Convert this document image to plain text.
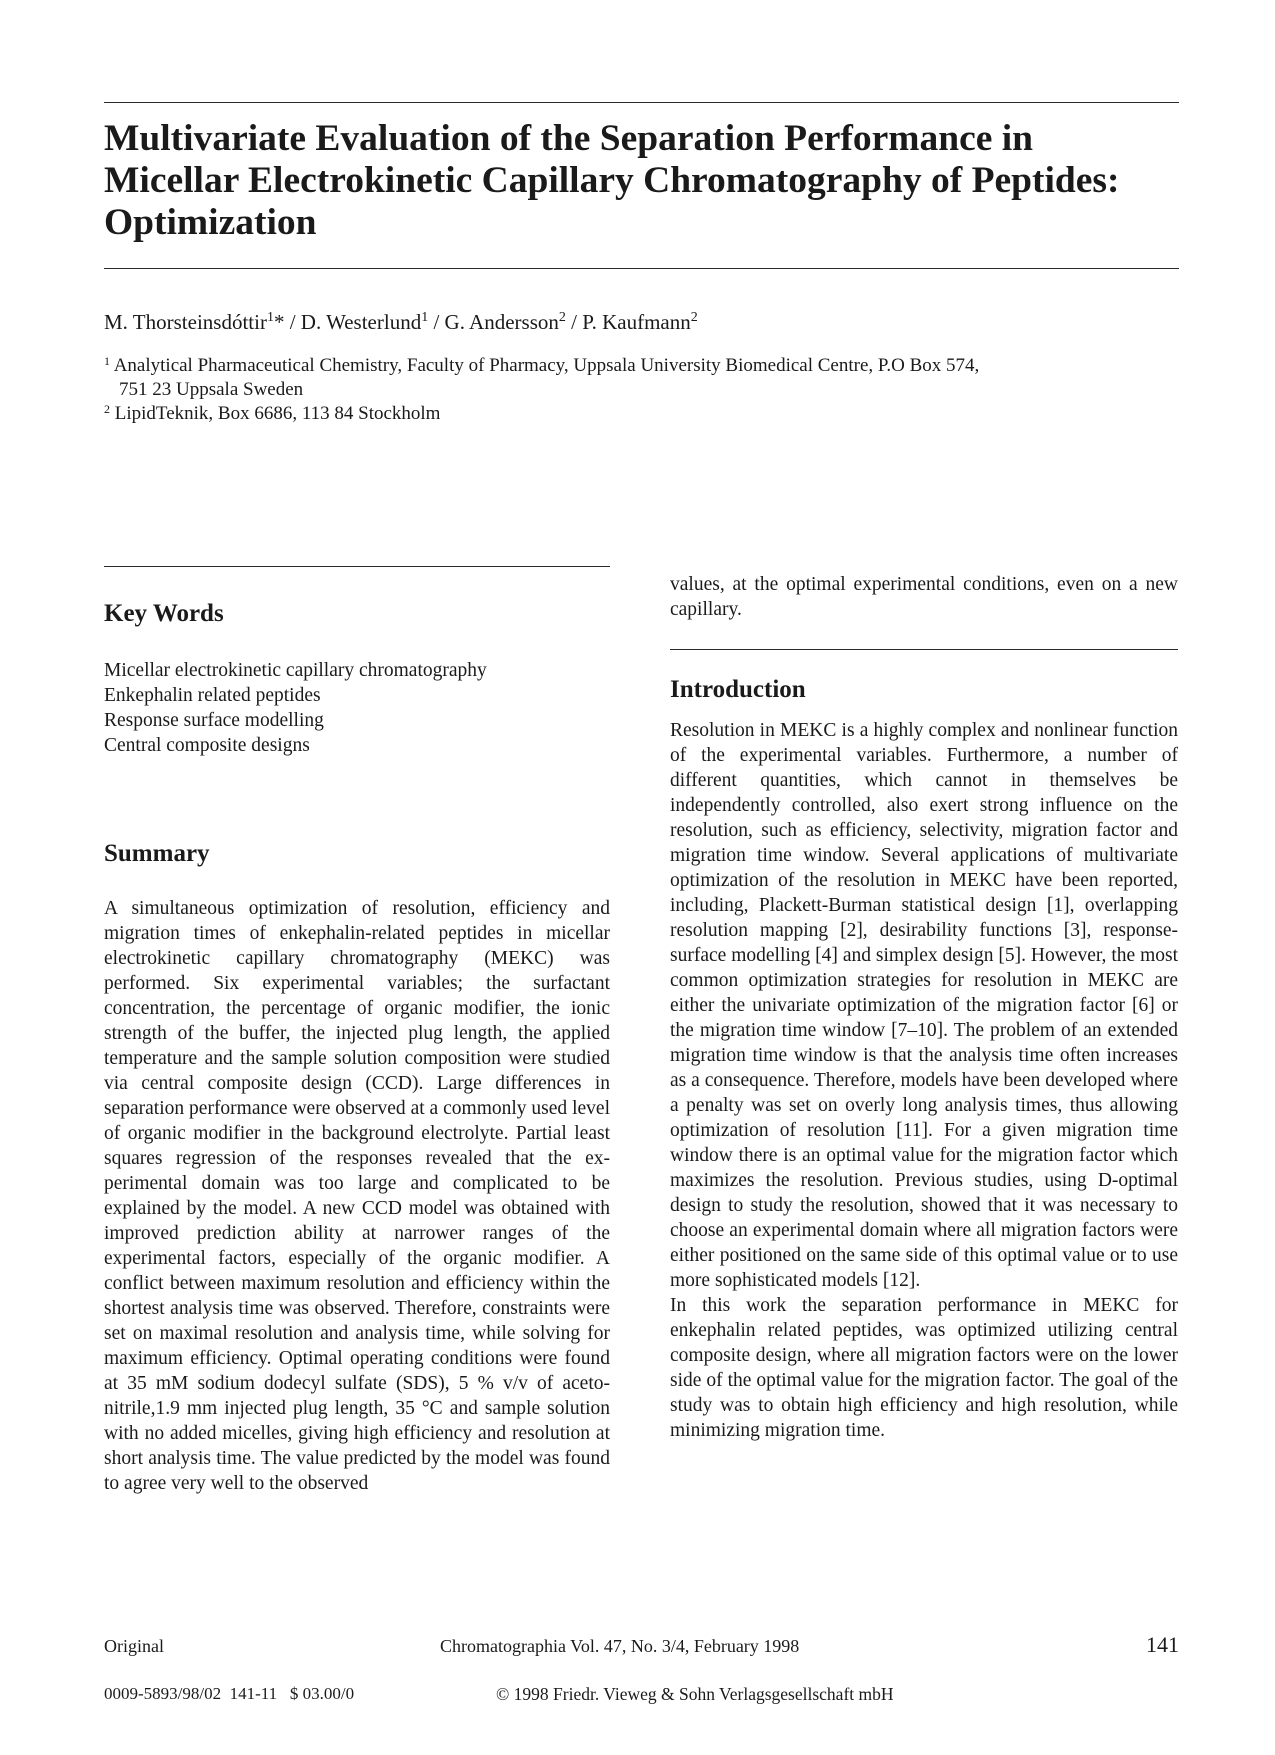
Multivariate Evaluation of the Separation Performance in
Micellar Electrokinetic Capillary Chromatography of Peptides:
Optimization
M. Thorsteinsdóttir$^1$* / D. Westerlund$^1$ / G. Andersson$^2$ / P. Kaufmann$^2$
$^1$ Analytical Pharmaceutical Chemistry, Faculty of Pharmacy, Uppsala University Biomedical Centre, P.O Box 574,
751 23 Uppsala Sweden
$^2$ LipidTeknik, Box 6686, 113 84 Stockholm
Key Words
Micellar electrokinetic capillary chromatography
Enkephalin related peptides
Response surface modelling
Central composite designs
Summary

A simultaneous optimization of resolution, efficiency and migration times of enkephalin-related peptides in micellar electrokinetic capillary chromatography (MEKC) was performed. Six experimental variables; the surfactant concentration, the percentage of organic modifier, the ionic strength of the buffer, the injected plug length, the applied temperature and the sample solution composition were studied via central composite design (CCD). Large differences in separation performance were observed at a commonly used level of organic modifier in the background electrolyte. Partial least squares regression of the responses revealed that the experimental domain was too large and complicated to be explained by the model. A new CCD model was obtained with improved prediction ability at narrower ranges of the experimental factors, especially of the organic modifier. A conflict between maximum resolution and efficiency within the shortest analysis time was observed. Therefore, constraints were set on maximal resolution and analysis time, while solving for maximum efficiency. Optimal operating conditions were found at 35 mM sodium dodecyl sulfate (SDS), 5 % v/v of acetonitrile,1.9 mm injected plug length, 35 °C and sample solution with no added micelles, giving high efficiency and resolution at short analysis time. The value predicted by the model was found to agree very well to the observed

values, at the optimal experimental conditions, even on a new capillary.

Introduction

Resolution in MEKC is a highly complex and nonlinear function of the experimental variables. Furthermore, a number of different quantities, which cannot in themselves be independently controlled, also exert strong influence on the resolution, such as efficiency, selectivity, migration factor and migration time window. Several applications of multivariate optimization of the resolution in MEKC have been reported, including, Plackett-Burman statistical design [1], overlapping resolution mapping [2], desirability functions [3], response-surface modelling [4] and simplex design [5]. However, the most common optimization strategies for resolution in MEKC are either the univariate optimization of the migration factor [6] or the migration time window [7–10]. The problem of an extended migration time window is that the analysis time often increases as a consequence. Therefore, models have been developed where a penalty was set on overly long analysis times, thus allowing optimization of resolution [11]. For a given migration time window there is an optimal value for the migration factor which maximizes the resolution. Previous studies, using D-optimal design to study the resolution, showed that it was necessary to choose an experimental domain where all migration factors were either positioned on the same side of this optimal value or to use more sophisticated models [12].

In this work the separation performance in MEKC for enkephalin related peptides, was optimized utilizing central composite design, where all migration factors were on the lower side of the optimal value for the migration factor. The goal of the study was to obtain high efficiency and high resolution, while minimizing migration time.

Original	Chromatographia Vol. 47, No. 3/4, February 1998	141
0009-5893/98/02  141-11   $ 03.00/0	© 1998 Friedr. Vieweg & Sohn Verlagsgesellschaft mbH
